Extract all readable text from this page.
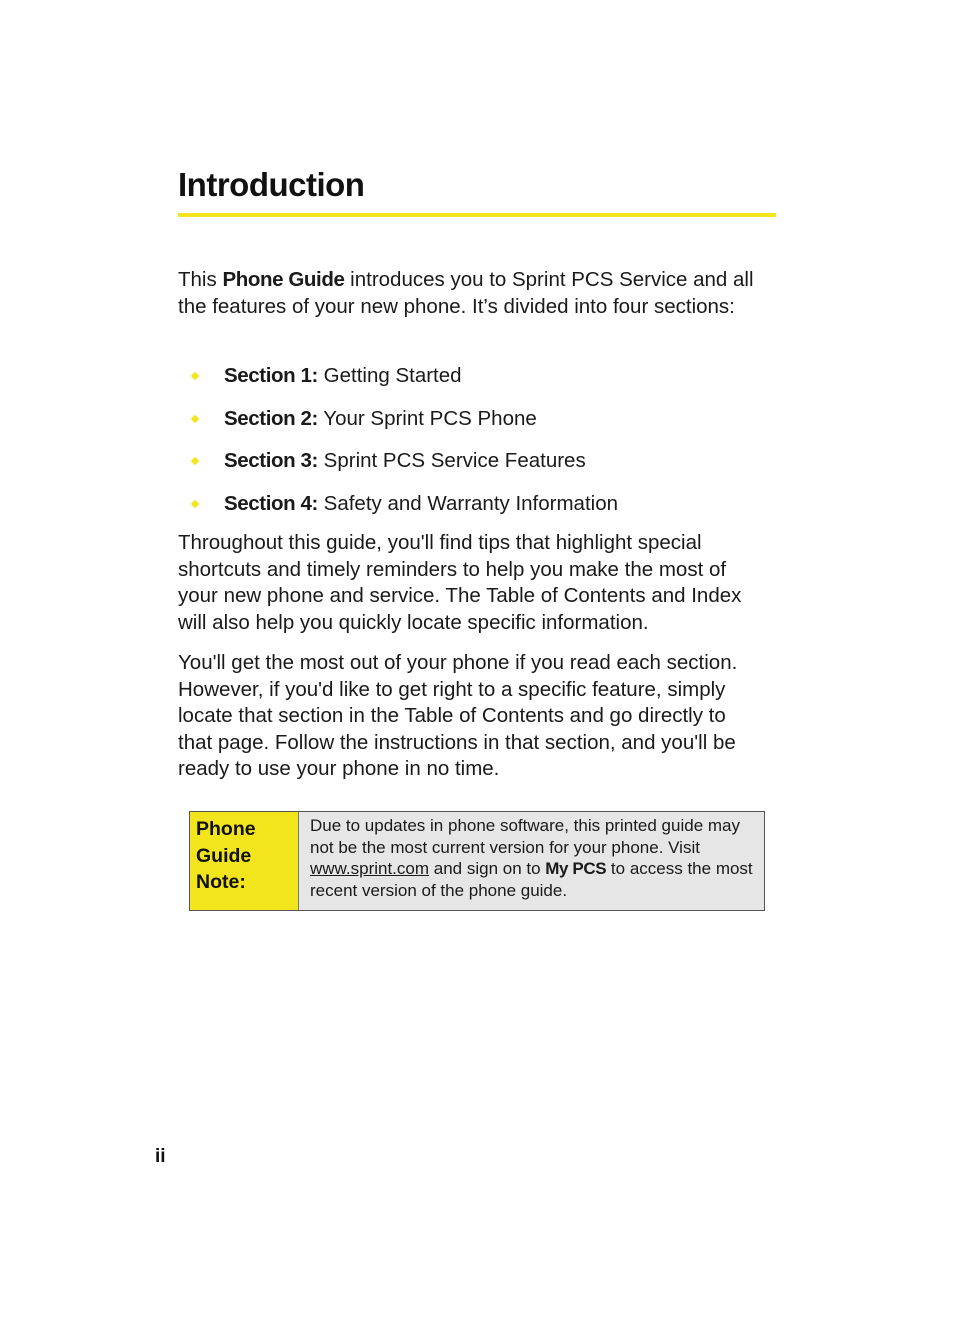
Introduction

This Phone Guide introduces you to Sprint PCS Service and all the features of your new phone. It’s divided into four sections:

Section 1: Getting Started
Section 2: Your Sprint PCS Phone
Section 3: Sprint PCS Service Features
Section 4: Safety and Warranty Information

Throughout this guide, you'll find tips that highlight special shortcuts and timely reminders to help you make the most of your new phone and service. The Table of Contents and Index will also help you quickly locate specific information.

You'll get the most out of your phone if you read each section. However, if you'd like to get right to a specific feature, simply locate that section in the Table of Contents and go directly to that page. Follow the instructions in that section, and you'll be ready to use your phone in no time.

Phone
Guide
Note:
Due to updates in phone software, this printed guide may not be the most current version for your phone. Visit www.sprint.com and sign on to My PCS to access the most recent version of the phone guide.
ii
